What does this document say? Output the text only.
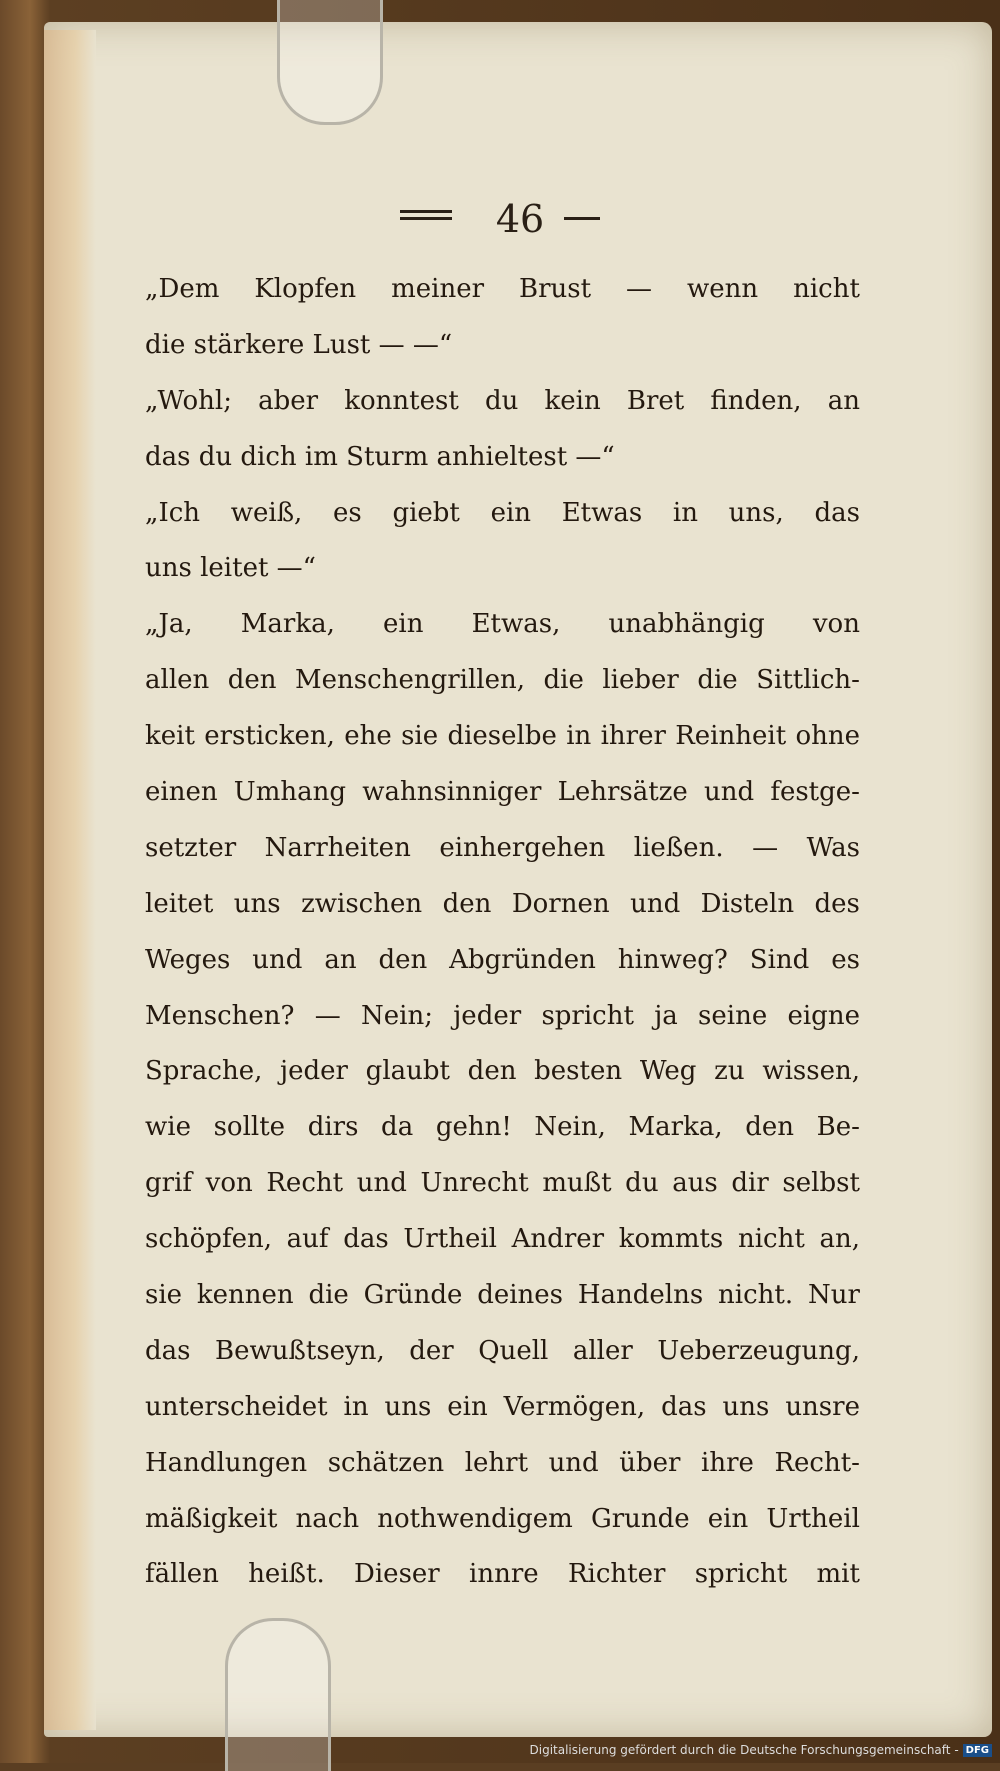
46
„Dem Klopfen meiner Brust — wenn nicht
die stärkere Lust — —“
„Wohl; aber konntest du kein Bret finden, an
das du dich im Sturm anhieltest —“
„Ich weiß, es giebt ein Etwas in uns, das
uns leitet —“
„Ja, Marka, ein Etwas, unabhängig von
allen den Menschengrillen, die lieber die Sittlich-
keit ersticken, ehe sie dieselbe in ihrer Reinheit ohne
einen Umhang wahnsinniger Lehrsätze und festge-
setzter Narrheiten einhergehen ließen. — Was
leitet uns zwischen den Dornen und Disteln des
Weges und an den Abgründen hinweg? Sind es
Menschen? — Nein; jeder spricht ja seine eigne
Sprache, jeder glaubt den besten Weg zu wissen,
wie sollte dirs da gehn! Nein, Marka, den Be-
grif von Recht und Unrecht mußt du aus dir selbst
schöpfen, auf das Urtheil Andrer kommts nicht an,
sie kennen die Gründe deines Handelns nicht. Nur
das Bewußtseyn, der Quell aller Ueberzeugung,
unterscheidet in uns ein Vermögen, das uns unsre
Handlungen schätzen lehrt und über ihre Recht-
mäßigkeit nach nothwendigem Grunde ein Urtheil
fällen heißt. Dieser innre Richter spricht mit
Digitalisierung gefördert durch die Deutsche Forschungsgemeinschaft - DFG
